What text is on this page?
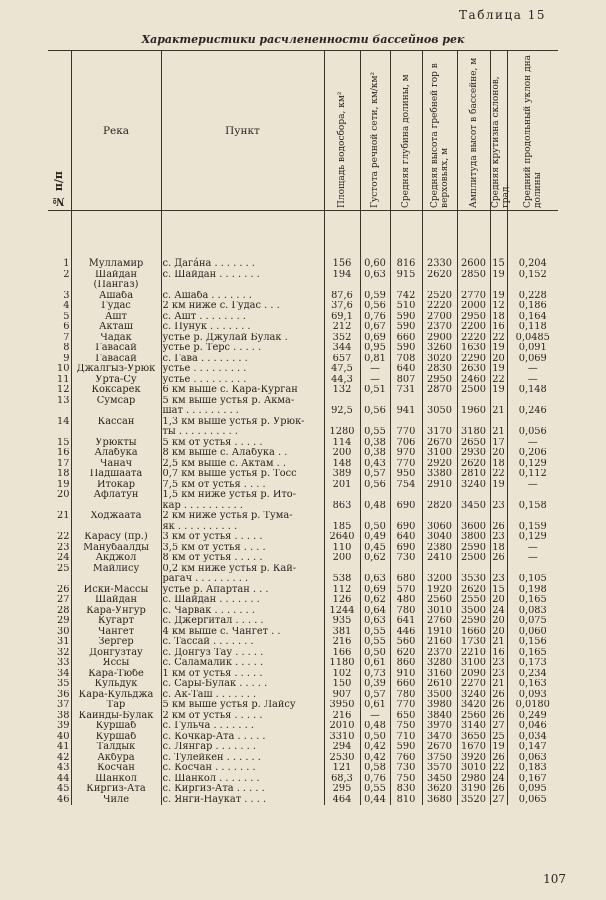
Таблица 15
Характеристики расчлененности бассейнов рек
№ п/п	Река	Пункт	Площадь водосбора, км²	Густота речной сети, км/км²	Средняя глубина долины, м	Средняя высота гребней гор в верховьях, м	Амплитуда высот в бассейне, м	Средняя крутизна склонов, град.	Средний продольный уклон дна долины

1	Мулламир	с. Дагáна . . . . . . .	156	0,60	816	2330	2600	15	0,204
2	Шайдан	с. Шайдан . . . . . . .	194	0,63	915	2620	2850	19	0,152
	(Пангаз)								
3	Ашаба	с. Ашаба . . . . . . .	87,6	0,59	742	2520	2770	19	0,228
4	Гудас	2 км ниже с. Гудас . . .	37,6	0,56	510	2220	2000	12	0,186
5	Ашт	с. Ашт . . . . . . . .	69,1	0,76	590	2700	2950	18	0,164
6	Акташ	с. Пунук . . . . . . .	212	0,67	590	2370	2200	16	0,118
7	Чадак	устье р. Джулай Булак .	352	0,69	660	2900	2220	22	0,0485
8	Гавасай	устье р. Терс . . . . .	344	0,95	590	3260	1630	19	0,091
9	Гавасай	с. Гава . . . . . . . .	657	0,81	708	3020	2290	20	0,069
10	Джалгыз-Урюк	устье . . . . . . . . .	47,5	—	640	2830	2630	19	—
11	Урта-Су	устье . . . . . . . . .	44,3	—	807	2950	2460	22	—
12	Коксарек	6 км выше с. Кара-Курган	132	0,51	731	2870	2500	19	0,148
13	Сумсар	5 км выше устья р. Акма-							
		шат . . . . . . . . .	92,5	0,56	941	3050	1960	21	0,246
14	Кассан	1,3 км выше устья р. Урюк-							
		ты . . . . . . . . . .	1280	0,55	770	3170	3180	21	0,056
15	Урюкты	5 км от устья . . . . .	114	0,38	706	2670	2650	17	—
16	Алабука	8 км выше с. Алабука . .	200	0,38	970	3100	2930	20	0,206
17	Чанач	2,5 км выше с. Актам . .	148	0,43	770	2920	2620	18	0,129
18	Падшаата	0,7 км выше устья р. Тосс	389	0,57	950	3380	2810	22	0,112
19	Итокар	7,5 км от устья . . . .	201	0,56	754	2910	3240	19	—
20	Афлатун	1,5 км ниже устья р. Ито-							
		кар . . . . . . . . . .	863	0,48	690	2820	3450	23	0,158
21	Ходжаата	2 км ниже устья р. Тума-							
		як . . . . . . . . . .	185	0,50	690	3060	3600	26	0,159
22	Карасу (пр.)	3 км от устья . . . . .	2640	0,49	640	3040	3800	23	0,129
23	Манубаалды	3,5 км от устья . . . .	110	0,45	690	2380	2590	18	—
24	Акджол	8 км от устья . . . . .	200	0,62	730	2410	2500	26	—
25	Майлису	0,2 км ниже устья р. Кай-							
		рагач . . . . . . . . .	538	0,63	680	3200	3530	23	0,105
26	Иски-Массы	устье р. Апартан . . .	112	0,69	570	1920	2620	15	0,198
27	Шайдан	с. Шайдан . . . . . . .	126	0,62	480	2560	2550	20	0,165
28	Кара-Унгур	с. Чарвак . . . . . . .	1244	0,64	780	3010	3500	24	0,083
29	Кугарт	с. Джергитал . . . . .	935	0,63	641	2760	2590	20	0,075
30	Чангет	4 км выше с. Чангет . .	381	0,55	446	1910	1660	20	0,060
31	Зергер	с. Тассай . . . . . . .	216	0,55	560	2160	1730	21	0,156
32	Донгузтау	с. Донгуз Тау . . . . .	166	0,50	620	2370	2210	16	0,165
33	Яссы	с. Саламалик . . . . .	1180	0,61	860	3280	3100	23	0,173
34	Кара-Тюбе	1 км от устья . . . . .	102	0,73	910	3160	2090	23	0,234
35	Кульдук	с. Сары-Булак . . . . .	150	0,39	660	2610	2270	21	0,163
36	Кара-Кульджа	с. Ак-Таш . . . . . . .	907	0,57	780	3500	3240	26	0,093
37	Тар	5 км выше устья р. Лайсу	3950	0,61	770	3980	3420	26	0,0180
38	Каинды-Булак	2 км от устья . . . . .	216	—	650	3840	2560	26	0,249
39	Куршаб	с. Гульча . . . . . . .	2010	0,48	750	3970	3140	27	0,046
40	Куршаб	с. Кочкар-Ата . . . . .	3310	0,50	710	3470	3650	25	0,034
41	Талдык	с. Лянгар . . . . . . .	294	0,42	590	2670	1670	19	0,147
42	Акбура	с. Тулейкен . . . . . .	2530	0,42	760	3750	3920	26	0,063
43	Косчан	с. Косчан . . . . . . .	121	0,58	730	3570	3010	22	0,183
44	Шанкол	с. Шанкол . . . . . . .	68,3	0,76	750	3450	2980	24	0,167
45	Киргиз-Ата	с. Киргиз-Ата . . . . .	295	0,55	830	3620	3190	26	0,095
46	Чиле	с. Янги-Наукат . . . .	464	0,44	810	3680	3520	27	0,065
107
